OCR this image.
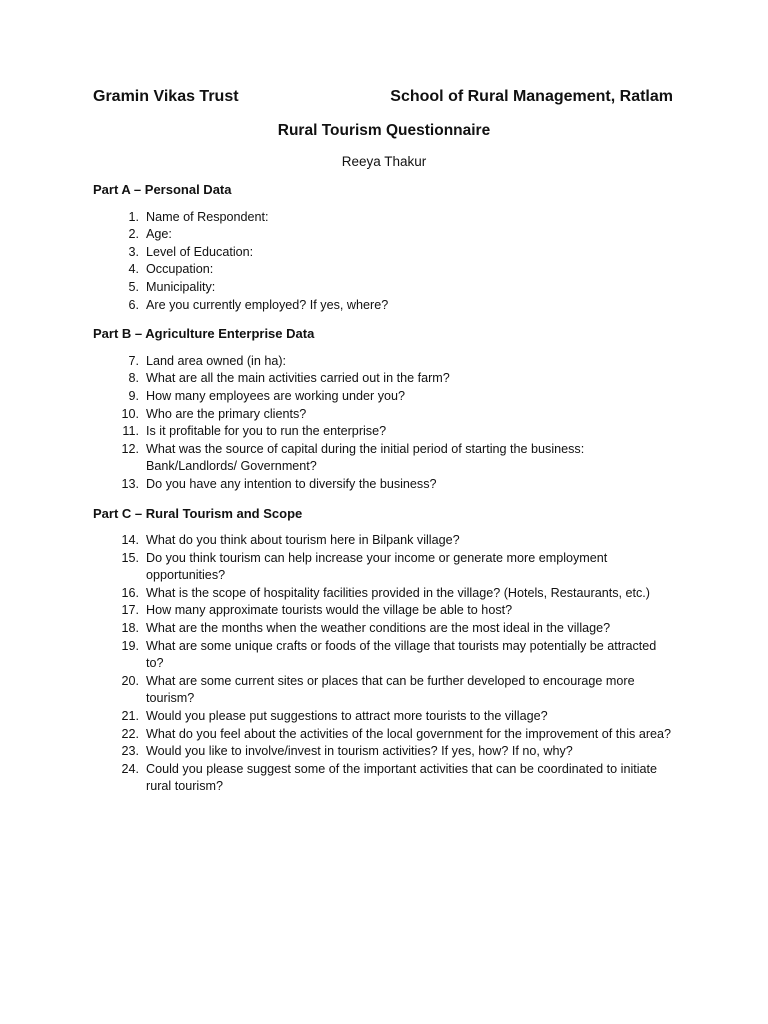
Gramin Vikas Trust	School of Rural Management, Ratlam
Rural Tourism Questionnaire
Reeya Thakur
Part A – Personal Data
1. Name of Respondent:
2. Age:
3. Level of Education:
4. Occupation:
5. Municipality:
6. Are you currently employed? If yes, where?
Part B – Agriculture Enterprise Data
7. Land area owned (in ha):
8. What are all the main activities carried out in the farm?
9. How many employees are working under you?
10. Who are the primary clients?
11. Is it profitable for you to run the enterprise?
12. What was the source of capital during the initial period of starting the business: Bank/Landlords/ Government?
13. Do you have any intention to diversify the business?
Part C – Rural Tourism and Scope
14. What do you think about tourism here in Bilpank village?
15. Do you think tourism can help increase your income or generate more employment opportunities?
16. What is the scope of hospitality facilities provided in the village? (Hotels, Restaurants, etc.)
17. How many approximate tourists would the village be able to host?
18. What are the months when the weather conditions are the most ideal in the village?
19. What are some unique crafts or foods of the village that tourists may potentially be attracted to?
20. What are some current sites or places that can be further developed to encourage more tourism?
21. Would you please put suggestions to attract more tourists to the village?
22. What do you feel about the activities of the local government for the improvement of this area?
23. Would you like to involve/invest in tourism activities? If yes, how? If no, why?
24. Could you please suggest some of the important activities that can be coordinated to initiate rural tourism?
